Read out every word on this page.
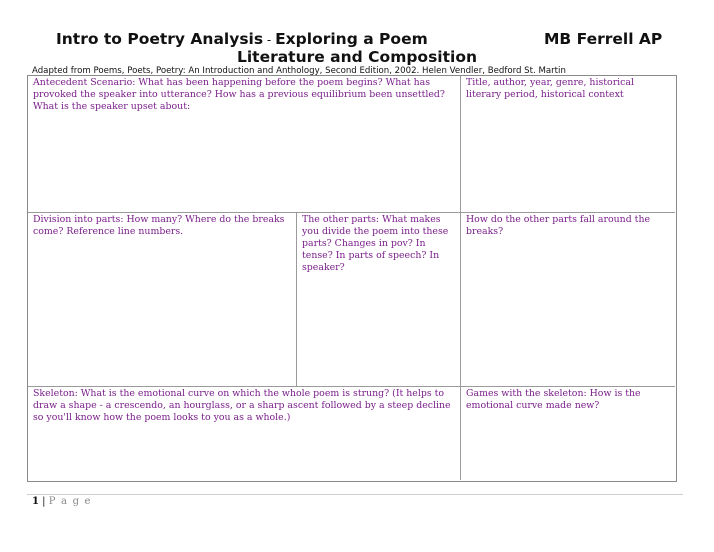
Intro to Poetry Analysis - Exploring a Poem	MB Ferrell AP
Literature and Composition
Adapted from Poems, Poets, Poetry: An Introduction and Anthology, Second Edition, 2002. Helen Vendler, Bedford St. Martin
Antecedent Scenario: What has been happening before the poem begins? What has provoked the speaker into utterance? How has a previous equilibrium been unsettled? What is the speaker upset about:
Title, author, year, genre, historical literary period, historical context
Division into parts: How many? Where do the breaks come? Reference line numbers.
The other parts: What makes you divide the poem into these parts? Changes in pov? In tense? In parts of speech? In speaker?
How do the other parts fall around the breaks?
Skeleton: What is the emotional curve on which the whole poem is strung? (It helps to draw a shape - a crescendo, an hourglass, or a sharp ascent followed by a steep decline so you'll know how the poem looks to you as a whole.)
Games with the skeleton: How is the emotional curve made new?
1 | P a g e
